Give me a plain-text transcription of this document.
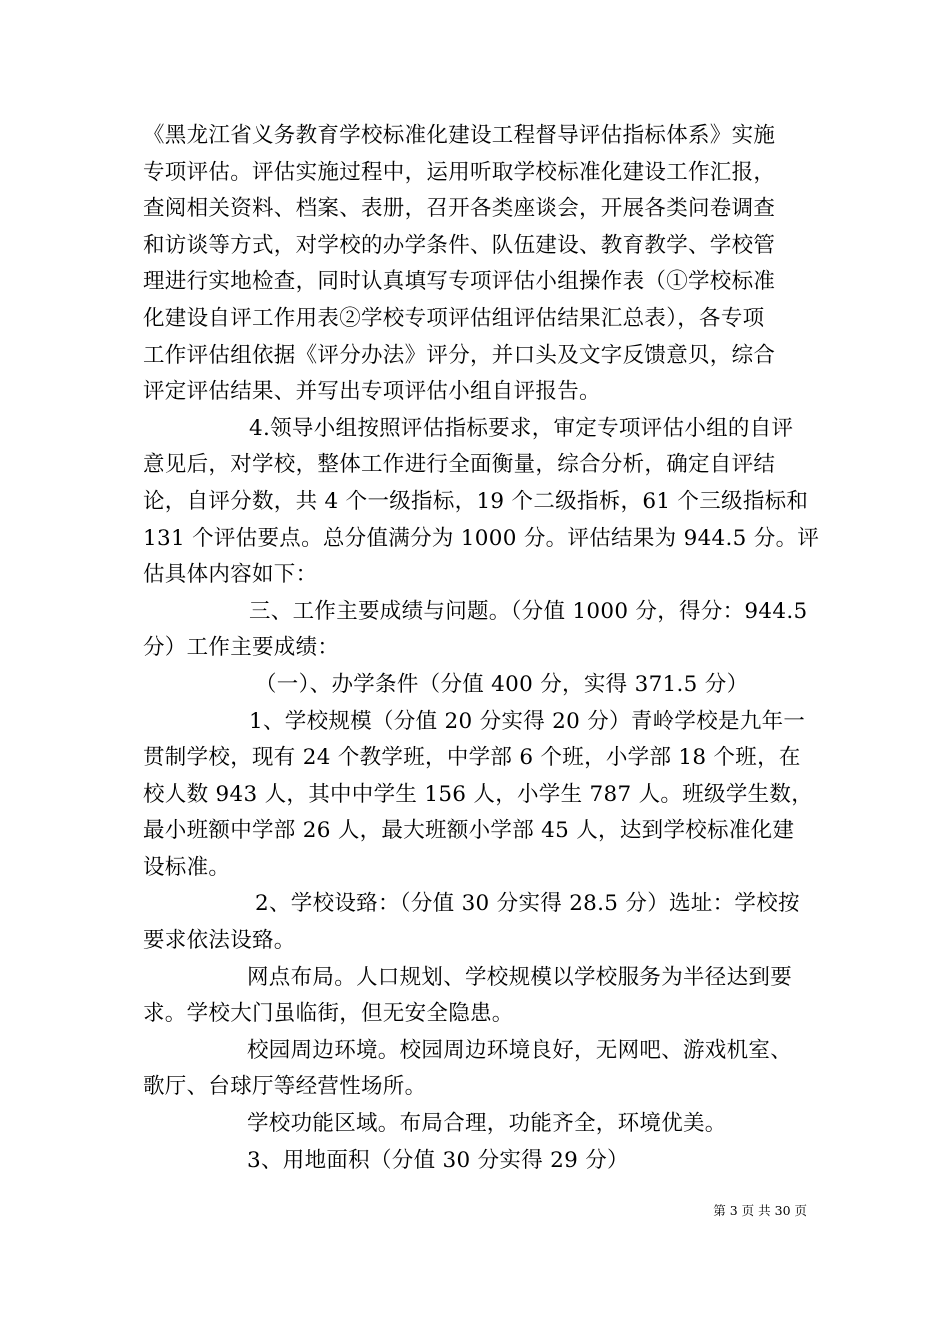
《黑龙江省义务教育学校标准化建设工程督导评估指标体系》实施
专项评估。评估实施过程中，运用听取学校标准化建设工作汇报，
查阅相关资料、档案、表册，召开各类座谈会，开展各类问卷调查
和访谈等方式，对学校的办学条件、队伍建设、教育教学、学校管
理进行实地检查，同时认真填写专项评估小组操作表（①学校标准
化建设自评工作用表②学校专项评估组评估结果汇总表），各专项
工作评估组依据《评分办法》评分，并口头及文字反馈意贝，综合
评定评估结果、并写出专项评估小组自评报告。
4.领导小组按照评估指标要求，审定专项评估小组的自评
意见后，对学校，整体工作进行全面衡量，综合分析，确定自评结
论，自评分数，共 4 个一级指标，19 个二级指柝，61 个三级指标和
131 个评估要点。总分值满分为 1000 分。评估结果为 944.5 分。评
估具体内容如下：
三、工作主要成绩与问题。（分值 1000 分，得分：944.5
分）工作主要成绩：
（一）、办学条件（分值 400 分，实得 371.5 分）
1、学校规模（分值 20 分实得 20 分）青岭学校是九年一
贯制学校，现有 24 个教学班，中学部 6 个班，小学部 18 个班，在
校人数 943 人，其中中学生 156 人，小学生 787 人。班级学生数，
最小班额中学部 26 人，最大班额小学部 45 人，达到学校标准化建
设标准。
2、学校设臵：（分值 30 分实得 28.5 分）选址：学校按
要求依法设臵。
网点布局。人口规划、学校规模以学校服务为半径达到要
求。学校大门虽临街，但无安全隐患。
校园周边环境。校园周边环境良好，无网吧、游戏机室、
歌厅、台球厅等经营性场所。
学校功能区域。布局合理，功能齐全，环境优美。
3、用地面积（分值 30 分实得 29 分）
第 3 页 共 30 页
